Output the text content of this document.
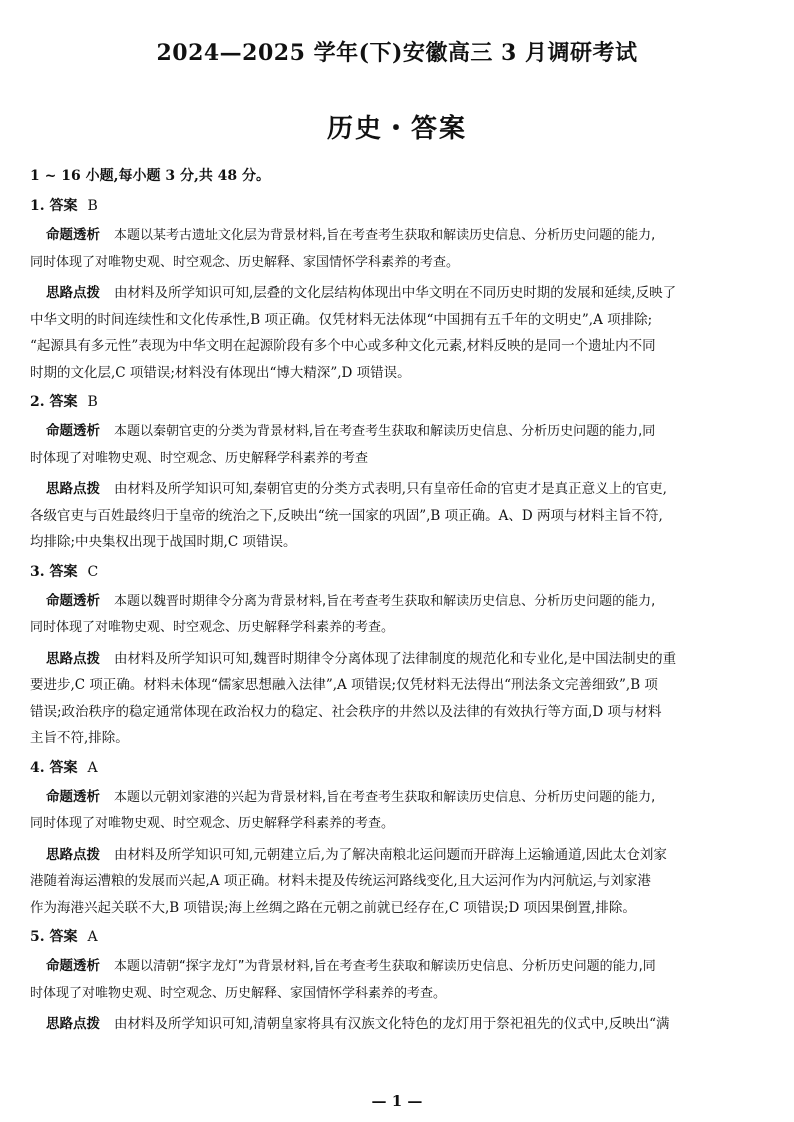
2024—2025 学年(下)安徽高三 3 月调研考试
历史・答案
1 ~ 16 小题,每小题 3 分,共 48 分。
1. 答案 B

命题透析 本题以某考古遗址文化层为背景材料,旨在考查考生获取和解读历史信息、分析历史问题的能力,
同时体现了对唯物史观、时空观念、历史解释、家国情怀学科素养的考查。

思路点拨 由材料及所学知识可知,层叠的文化层结构体现出中华文明在不同历史时期的发展和延续,反映了
中华文明的时间连续性和文化传承性,B 项正确。仅凭材料无法体现“中国拥有五千年的文明史”,A 项排除;
“起源具有多元性”表现为中华文明在起源阶段有多个中心或多种文化元素,材料反映的是同一个遗址内不同
时期的文化层,C 项错误;材料没有体现出“博大精深”,D 项错误。

2. 答案 B

命题透析 本题以秦朝官吏的分类为背景材料,旨在考查考生获取和解读历史信息、分析历史问题的能力,同
时体现了对唯物史观、时空观念、历史解释学科素养的考查

思路点拨 由材料及所学知识可知,秦朝官吏的分类方式表明,只有皇帝任命的官吏才是真正意义上的官吏,
各级官吏与百姓最终归于皇帝的统治之下,反映出“统一国家的巩固”,B 项正确。A、D 两项与材料主旨不符,
均排除;中央集权出现于战国时期,C 项错误。

3. 答案 C

命题透析 本题以魏晋时期律令分离为背景材料,旨在考查考生获取和解读历史信息、分析历史问题的能力,
同时体现了对唯物史观、时空观念、历史解释学科素养的考查。

思路点拨 由材料及所学知识可知,魏晋时期律令分离体现了法律制度的规范化和专业化,是中国法制史的重
要进步,C 项正确。材料未体现“儒家思想融入法律”,A 项错误;仅凭材料无法得出“刑法条文完善细致”,B 项
错误;政治秩序的稳定通常体现在政治权力的稳定、社会秩序的井然以及法律的有效执行等方面,D 项与材料
主旨不符,排除。

4. 答案 A

命题透析 本题以元朝刘家港的兴起为背景材料,旨在考查考生获取和解读历史信息、分析历史问题的能力,
同时体现了对唯物史观、时空观念、历史解释学科素养的考查。

思路点拨 由材料及所学知识可知,元朝建立后,为了解决南粮北运问题而开辟海上运输通道,因此太仓刘家
港随着海运漕粮的发展而兴起,A 项正确。材料未提及传统运河路线变化,且大运河作为内河航运,与刘家港
作为海港兴起关联不大,B 项错误;海上丝绸之路在元朝之前就已经存在,C 项错误;D 项因果倒置,排除。

5. 答案 A

命题透析 本题以清朝“探字龙灯”为背景材料,旨在考查考生获取和解读历史信息、分析历史问题的能力,同
时体现了对唯物史观、时空观念、历史解释、家国情怀学科素养的考查。

思路点拨 由材料及所学知识可知,清朝皇家将具有汉族文化特色的龙灯用于祭祀祖先的仪式中,反映出“满

— 1 —
